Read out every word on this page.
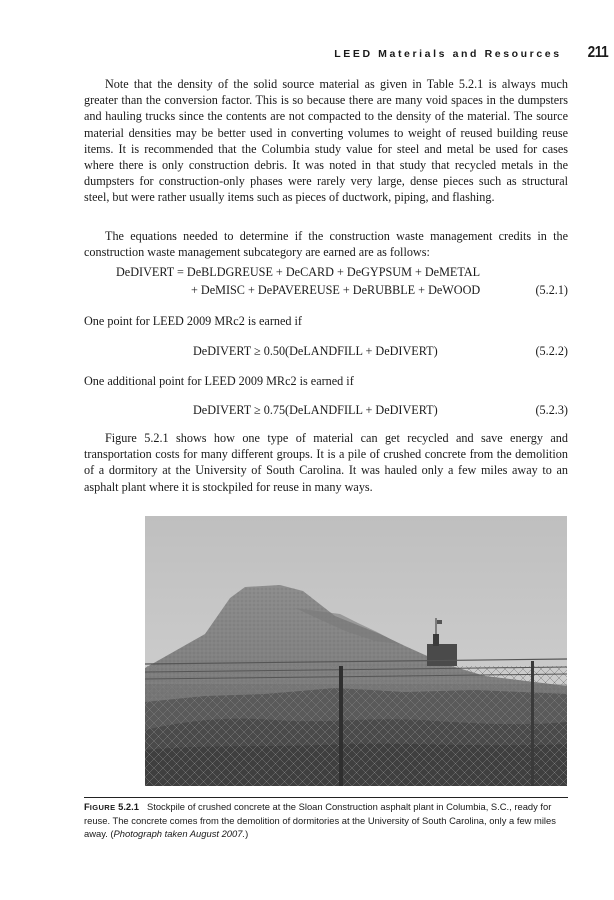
LEED Materials and Resources 211

Note that the density of the solid source material as given in Table 5.2.1 is always much greater than the conversion factor. This is so because there are many void spaces in the dumpsters and hauling trucks since the contents are not compacted to the density of the material. The source material densities may be better used in converting volumes to weight of reused building reuse items. It is recommended that the Columbia study value for steel and metal be used for cases where there is only construction debris. It was noted in that study that recycled metals in the dumpsters for construction-only phases were rarely very large, dense pieces such as structural steel, but were rather usually items such as pieces of ductwork, piping, and flashing.

The equations needed to determine if the construction waste management credits in the construction waste management subcategory are earned are as follows:

DeDIVERT = DeBLDGREUSE + DeCARD + DeGYPSUM + DeMETAL
+ DeMISC + DePAVEREUSE + DeRUBBLE + DeWOOD	(5.2.1)
One point for LEED 2009 MRc2 is earned if
DeDIVERT ≥ 0.50(DeLANDFILL + DeDIVERT)	(5.2.2)
One additional point for LEED 2009 MRc2 is earned if
DeDIVERT ≥ 0.75(DeLANDFILL + DeDIVERT)	(5.2.3)

Figure 5.2.1 shows how one type of material can get recycled and save energy and transportation costs for many different groups. It is a pile of crushed concrete from the demolition of a dormitory at the University of South Carolina. It was hauled only a few miles away to an asphalt plant where it is stockpiled for reuse in many ways.

FIGURE 5.2.1 Stockpile of crushed concrete at the Sloan Construction asphalt plant in Columbia, S.C., ready for reuse. The concrete comes from the demolition of dormitories at the University of South Carolina, only a few miles away. (Photograph taken August 2007.)
